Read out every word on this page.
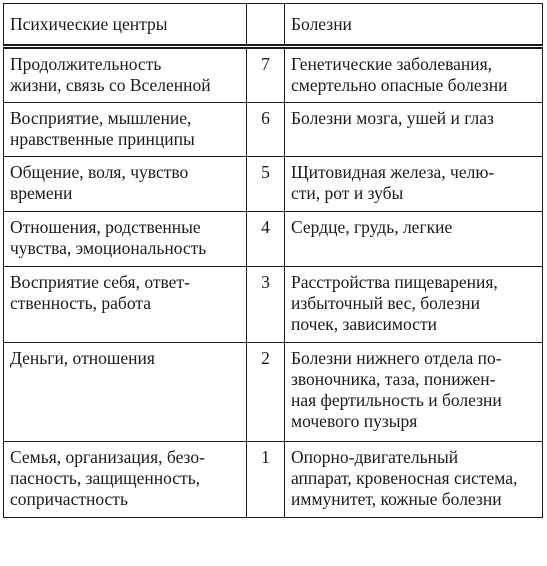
Психические центры		Болезни

Продолжительность
жизни, связь со Вселенной	7	Генетические заболевания,
смертельно опасные болезни

Восприятие, мышление,
нравственные принципы	6	Болезни мозга, ушей и глаз

Общение, воля, чувство
времени	5	Щитовидная железа, челю-
сти, рот и зубы

Отношения, родственные
чувства, эмоциональность	4	Сердце, грудь, легкие

Восприятие себя, ответ-
ственность, работа	3	Расстройства пищеварения,
избыточный вес, болезни
почек, зависимости

Деньги, отношения	2	Болезни нижнего отдела по-
звоночника, таза, понижен-
ная фертильность и болезни
мочевого пузыря

Семья, организация, безо-
пасность, защищенность,
сопричастность	1	Опорно-двигательный
аппарат, кровеносная система,
иммунитет, кожные болезни
